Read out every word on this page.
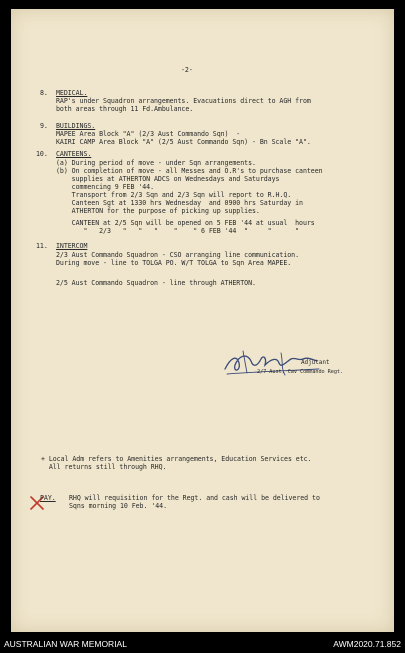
-2-
8. MEDICAL.
RAP's under Squadron arrangements. Evacuations direct to AGH from
both areas through 11 Fd.Ambulance.
9. BUILDINGS.
MAPEE Area Block "A" (2/3 Aust Commando Sqn)  -
KAIRI CAMP Area Block "A" (2/5 Aust Commando Sqn) - Bn Scale "A".
10. CANTEENS.
(a) During period of move - under Sqn arrangements.
(b) On completion of move - all Messes and O.R's to purchase canteen
supplies at ATHERTON ADCS on Wednesdays and Saturdays
commencing 9 FEB '44.
Transport from 2/3 Sqn and 2/3 Sqn will report to R.H.Q.
Canteen Sgt at 1330 hrs Wednesday  and 0900 hrs Saturday in
ATHERTON for the purpose of picking up supplies.
CANTEEN at 2/5 Sqn will be opened on 5 FEB '44 at usual  hours
"   2/3   "   "   "    "    " 6 FEB '44  "     "      "
11. INTERCOM
2/3 Aust Commando Squadron - CSO arranging line communication.
During move - line to TOLGA PO. W/T TOLGA to Sqn Area MAPEE.
2/5 Aust Commando Squadron - line through ATHERTON.
Adjutant
2/7 Aust. Cav Commando Regt.
+ Local Adm refers to Amenities arrangements, Education Services etc.
All returns still through RHQ.
PAY. RHQ will requisition for the Regt. and cash will be delivered to
Sqns morning 10 Feb. '44.
AUSTRALIAN WAR MEMORIAL	AWM2020.71.852
